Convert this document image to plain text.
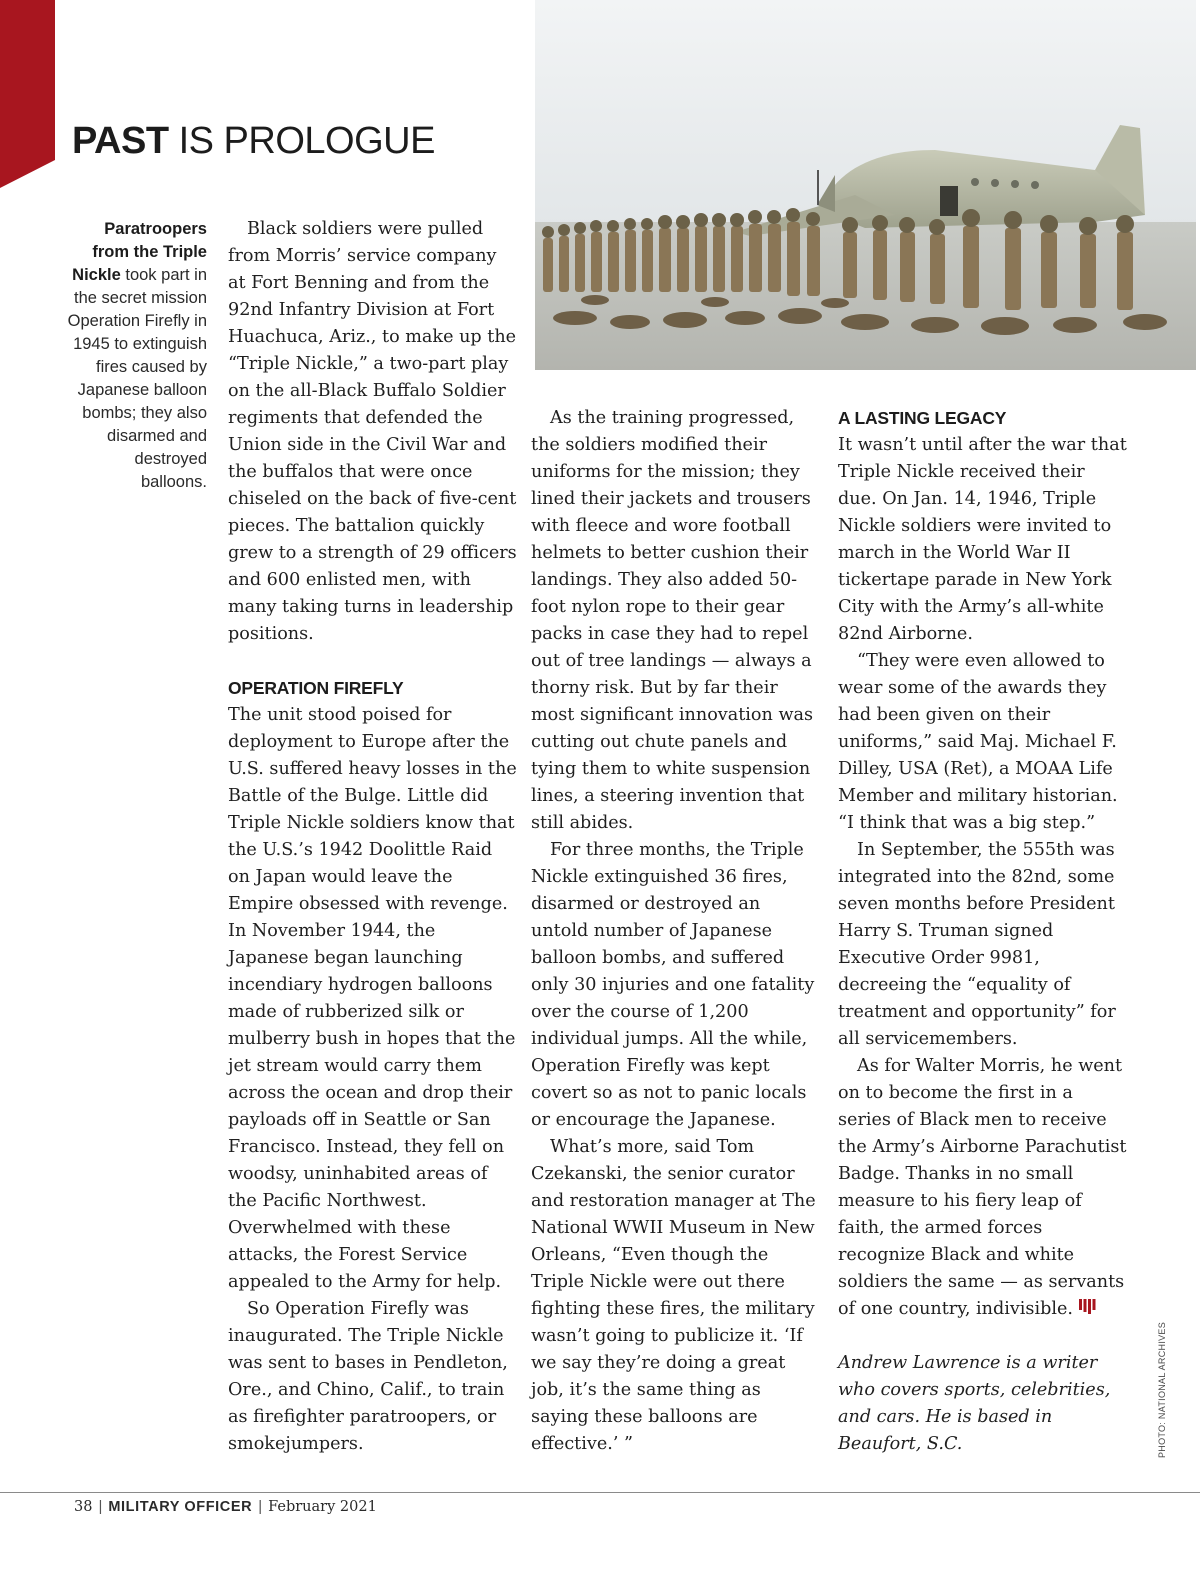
PAST IS PROLOGUE

Paratroopers from the Triple Nickle took part in the secret mission Operation Firefly in 1945 to extinguish fires caused by Japanese balloon bombs; they also disarmed and destroyed balloons.

Black soldiers were pulled from Morris’ service company at Fort Benning and from the 92nd Infantry Division at Fort Huachuca, Ariz., to make up the “Triple Nickle,” a two-part play on the all-Black Buffalo Soldier regiments that defended the Union side in the Civil War and the buffalos that were once chiseled on the back of five-cent pieces. The battalion quickly grew to a strength of 29 officers and 600 enlisted men, with many taking turns in leadership positions.

OPERATION FIREFLY

The unit stood poised for deployment to Europe after the U.S. suffered heavy losses in the Battle of the Bulge. Little did Triple Nickle soldiers know that the U.S.’s 1942 Doolittle Raid on Japan would leave the Empire obsessed with revenge. In November 1944, the Japanese began launching incendiary hydrogen balloons made of rubberized silk or mulberry bush in hopes that the jet stream would carry them across the ocean and drop their payloads off in Seattle or San Francisco. Instead, they fell on woodsy, uninhabited areas of the Pacific Northwest. Overwhelmed with these attacks, the Forest Service appealed to the Army for help.

So Operation Firefly was inaugurated. The Triple Nickle was sent to bases in Pendleton, Ore., and Chino, Calif., to train as firefighter paratroopers, or smokejumpers.

As the training progressed, the soldiers modified their uniforms for the mission; they lined their jackets and trousers with fleece and wore football helmets to better cushion their landings. They also added 50-foot nylon rope to their gear packs in case they had to repel out of tree landings — always a thorny risk. But by far their most significant innovation was cutting out chute panels and tying them to white suspension lines, a steering invention that still abides.

For three months, the Triple Nickle extinguished 36 fires, disarmed or destroyed an untold number of Japanese balloon bombs, and suffered only 30 injuries and one fatality over the course of 1,200 individual jumps. All the while, Operation Firefly was kept covert so as not to panic locals or encourage the Japanese.

What’s more, said Tom Czekanski, the senior curator and restoration manager at The National WWII Museum in New Orleans, “Even though the Triple Nickle were out there fighting these fires, the military wasn’t going to publicize it. ‘If we say they’re doing a great job, it’s the same thing as saying these balloons are effective.’ ”

A LASTING LEGACY

It wasn’t until after the war that Triple Nickle received their due. On Jan. 14, 1946, Triple Nickle soldiers were invited to march in the World War II tickertape parade in New York City with the Army’s all-white 82nd Airborne.

“They were even allowed to wear some of the awards they had been given on their uniforms,” said Maj. Michael F. Dilley, USA (Ret), a MOAA Life Member and military historian. “I think that was a big step.”

In September, the 555th was integrated into the 82nd, some seven months before President Harry S. Truman signed Executive Order 9981, decreeing the “equality of treatment and opportunity” for all servicemembers.

As for Walter Morris, he went on to become the first in a series of Black men to receive the Army’s Airborne Parachutist Badge. Thanks in no small measure to his fiery leap of faith, the armed forces recognize Black and white soldiers the same — as servants of one country, indivisible.

Andrew Lawrence is a writer who covers sports, celebrities, and cars. He is based in Beaufort, S.C.	PHOTO: NATIONAL ARCHIVES
38 | MILITARY OFFICER | February 2021
